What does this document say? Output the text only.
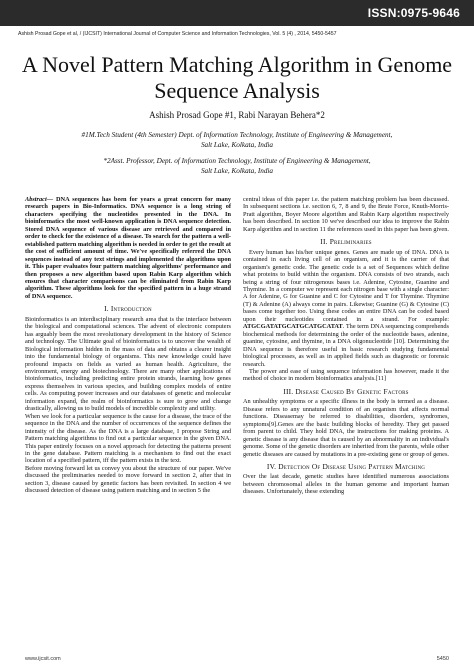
ISSN:0975-9646
Ashish Prosad Gope et al, / (IJCSIT) International Journal of Computer Science and Information Technologies, Vol. 5 (4) , 2014, 5450-5457
A Novel Pattern Matching Algorithm in Genome Sequence Analysis
Ashish Prosad Gope #1, Rabi Narayan Behera*2
#1M.Tech Student (4th Semester) Dept. of Information Technology, Institute of Engineering & Management,
Salt Lake, Kolkata, India
*2Asst. Professor, Dept. of Information Technology, Institute of Engineering & Management,
Salt Lake, Kolkata, India

Abstract— DNA sequences has been for years a great concern for many research papers in Bio-Informatics. DNA sequence is a long string of characters specifying the nucleotides presented in the DNA. In bioinformatics the most well-known application is DNA sequence detection. Stored DNA sequence of various disease are retrieved and compared in order to check for the existence of a disease. To search for the pattern a well-established pattern matching algorithm is needed in order to get the result at the cost of sufficient amount of time. We've specifically referred the DNA sequences instead of any text strings and implemented the algorithms upon it. This paper evaluates four pattern matching algorithms' performance and then proposes a new algorithm based upon Rabin Karp algorithm which ensures that character comparisons can be eliminated from Rabin Karp algorithm. These algorithms look for the specified pattern in a huge strand of DNA sequence.

I. Introduction

Bioinformatics is an interdisciplinary research area that is the interface between the biological and computational sciences. The advent of electronic computers has arguably been the most revolutionary development in the history of Science and technology. The Ultimate goal of bioinformatics is to uncover the wealth of Biological information hidden in the mass of data and obtains a clearer insight into the fundamental biology of organisms. This new knowledge could have profound impacts on fields as varied as human health. Agriculture, the environment, energy and biotechnology. There are many other applications of bioinformatics, including predicting entire protein strands, learning how genes express themselves in various species, and building complex models of entire cells. As computing power increases and our databases of genetic and molecular information expand, the realm of bioinformatics is sure to grow and change drastically, allowing us to build models of incredible complexity and utility.

When we look for a particular sequence is the cause for a disease, the trace of the sequence in the DNA and the number of occurrences of the sequence defines the intensity of the disease. As the DNA is a large database, I propose String and Pattern matching algorithms to find out a particular sequence in the given DNA. This paper entirely focuses on a novel approach for detecting the patterns present in the gene database. Pattern matching is a mechanism to find out the exact location of a specified pattern, iff the pattern exists in the text.

Before moving forward let us convey you about the structure of our paper. We've discussed the preliminaries needed to move forward in section 2, after that in section 3, disease caused by genetic factors has been revisited. In section 4 we discussed detection of disease using pattern matching and in section 5 the

central ideas of this paper i.e. the pattern matching problem has been discussed. In subsequent sections i.e. section 6, 7, 8 and 9, the Brute Force, Knuth-Morris-Pratt algorithm, Boyer Moore algorithm and Rabin Karp algorithm respectively has been described. In section 10 we've described our idea to improve the Rabin Karp algorithm and in section 11 the references used in this paper has been given.

II. Preliminaries

Every human has his/her unique genes. Genes are made up of DNA. DNA is contained in each living cell of an organism, and it is the carrier of that organism's genetic code. The genetic code is a set of Sequences which define what proteins to build within the organism. DNA consists of two strands, each being a string of four nitrogenous bases i.e. Adenine, Cytosine, Guanine and Thymine. In a computer we represent each nitrogen base with a single character: A for Adenine, G for Guanine and C for Cytosine and T for Thymine. Thymine (T) & Adenine (A) always come in pairs. Likewise; Guanine (G) & Cytosine (C) bases come together too. Using these codes an entire DNA can be coded based upon their nucleotides contained in a strand. For example: ATGCGATATGCATGCATGCATAT. The term DNA sequencing comprehends biochemical methods for determining the order of the nucleotide bases, adenine, guanine, cytosine, and thymine, in a DNA oligonucleotide [10]. Determining the DNA sequence is therefore useful in basic research studying fundamental biological processes, as well as in applied fields such as diagnostic or forensic research.

The power and ease of using sequence information has however, made it the method of choice in modern bioinformatics analysis.[11]

III. Disease Caused By Genetic Factors

An unhealthy symptoms or a specific illness in the body is termed as a disease. Disease refers to any unnatural condition of an organism that affects normal functions. Diseasemay be referred to disabilities, disorders, syndromes, symptoms[9].Genes are the basic building blocks of heredity. They get passed from parent to child. They hold DNA, the instructions for making proteins. A genetic disease is any disease that is caused by an abnormality in an individual's genome. Some of the genetic disorders are inherited from the parents, while other genetic diseases are caused by mutations in a pre-existing gene or group of genes.

IV. Detection Of Disease Using Pattern Matching

Over the last decade, genetic studies have identified numerous associations between chromosomal alleles in the human genome and important human diseases. Unfortunately, these extending

www.ijcsit.com	5450
